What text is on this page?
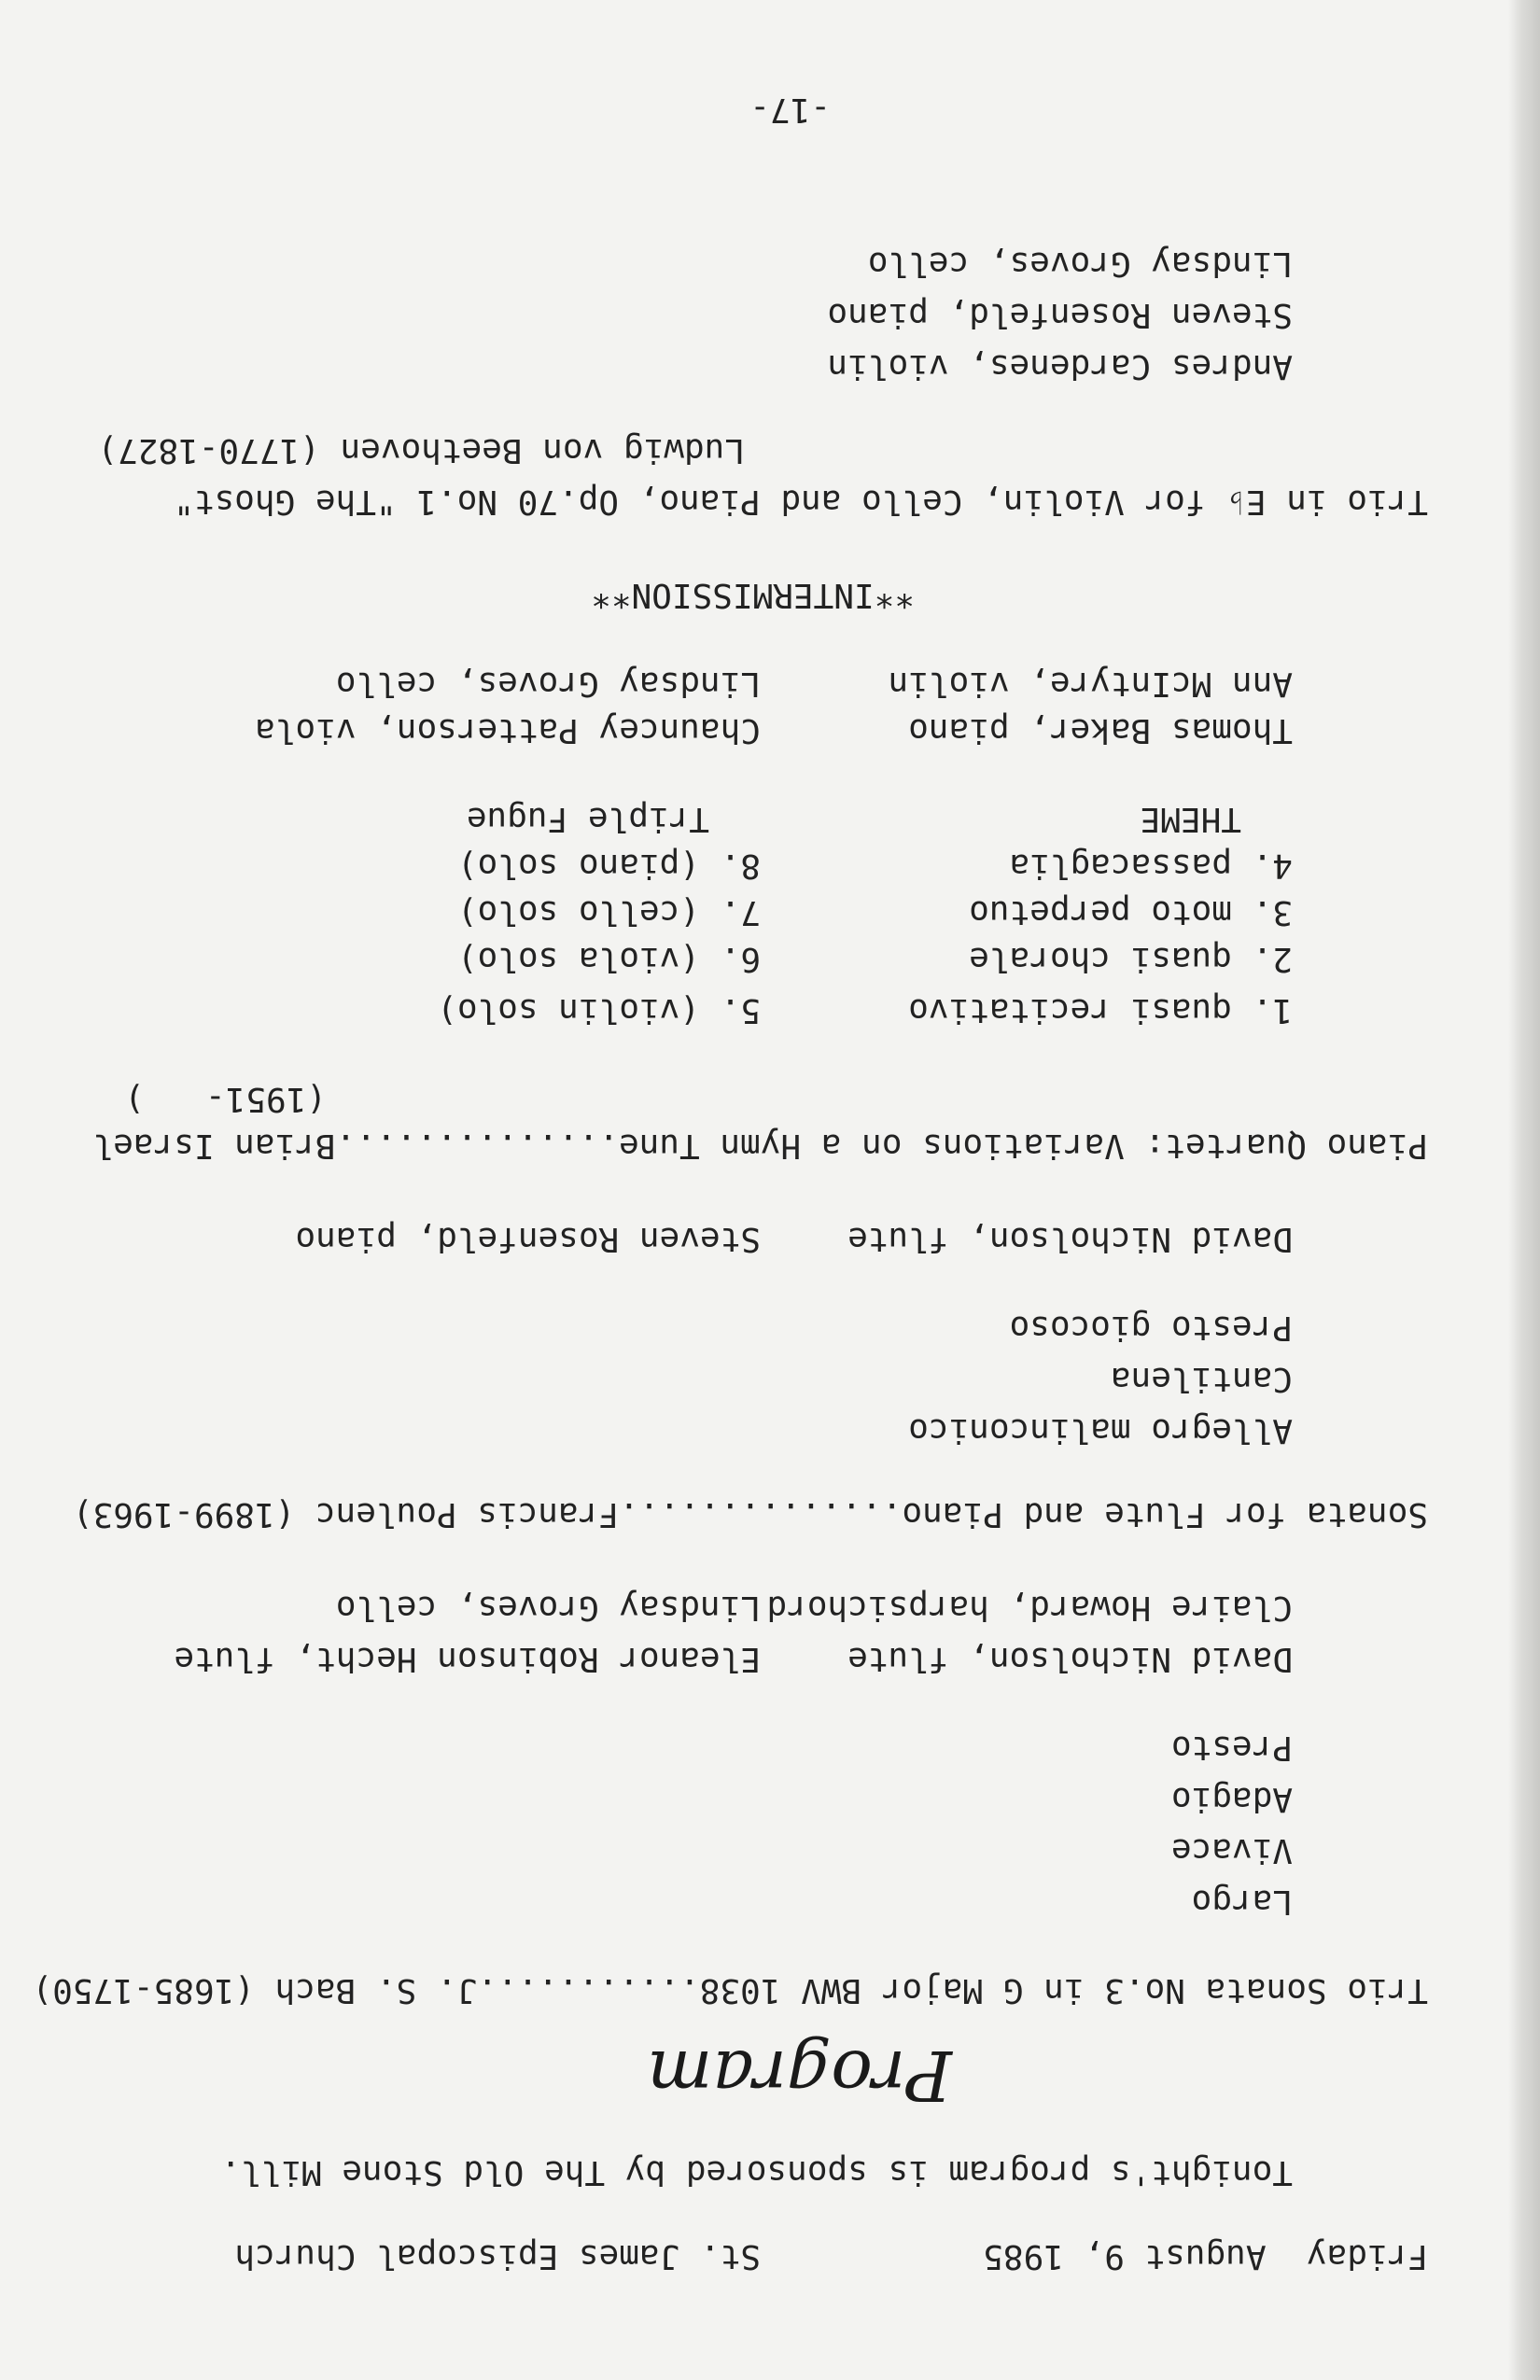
Friday  August 9, 1985
St. James Episcopal Church
Tonight's program is sponsored by The Old Stone Mill.
Program
Trio Sonata No.3 in G Major BWV 1038...........J. S. Bach (1685-1750)
Largo
Vivace
Adagio
Presto
David Nicholson, flute
Eleanor Robinson Hecht, flute
Claire Howard, harpsichord
Lindsay Groves, cello
Sonata for Flute and Piano..............Francis Poulenc (1899-1963)
Allegro malinconico
Cantilena
Presto giocoso
David Nicholson, flute
Steven Rosenfeld, piano
Piano Quartet: Variations on a Hymn Tune..............Brian Israel
(1951-   )
1. quasi recitativo
5. (violin solo)
2. quasi chorale
6. (viola solo)
3. moto perpetuo
7. (cello solo)
4. passacaglia
8. (piano solo)
THEME
Triple Fugue
Thomas Baker, piano
Chauncey Patterson, viola
Ann McIntyre, violin
Lindsay Groves, cello
**INTERMISSION**
Trio in E♭ for Violin, Cello and Piano, Op.70 No.1 "The Ghost"
Ludwig von Beethoven (1770-1827)
Andres Cardenes, violin
Steven Rosenfeld, piano
Lindsay Groves, cello
-17-
